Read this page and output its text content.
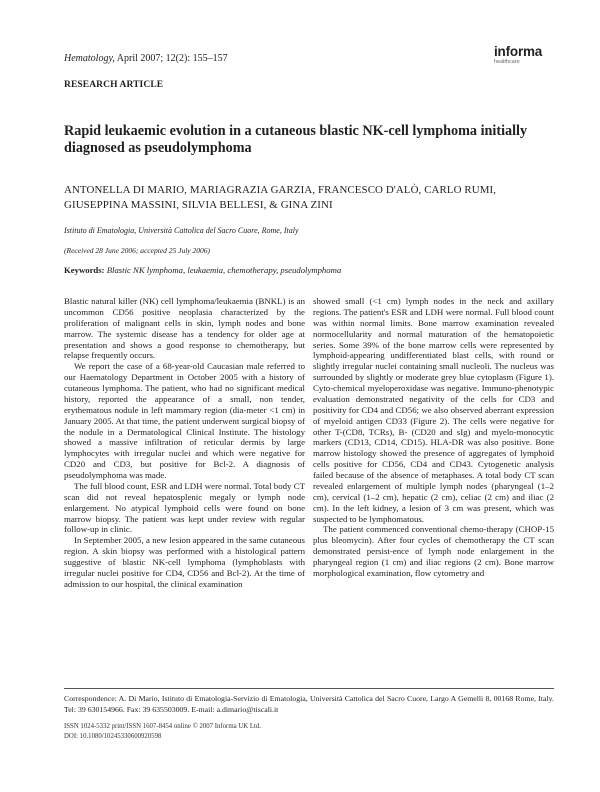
Hematology, April 2007; 12(2): 155–157	informa
healthcare
RESEARCH ARTICLE
Rapid leukaemic evolution in a cutaneous blastic NK-cell lymphoma initially diagnosed as pseudolymphoma
ANTONELLA DI MARIO, MARIAGRAZIA GARZIA, FRANCESCO D'ALÒ, CARLO RUMI,
GIUSEPPINA MASSINI, SILVIA BELLESI, & GINA ZINI
Istituto di Ematologia, Università Cattolica del Sacro Cuore, Rome, Italy
(Received 28 June 2006; accepted 25 July 2006)
Keywords: Blastic NK lymphoma, leukaemia, chemotherapy, pseudolymphoma

Blastic natural killer (NK) cell lymphoma/leukaemia (BNKL) is an uncommon CD56 positive neoplasia characterized by the proliferation of malignant cells in skin, lymph nodes and bone marrow. The systemic disease has a tendency for older age at presentation and shows a good response to chemotherapy, but relapse frequently occurs.

We report the case of a 68-year-old Caucasian male referred to our Haematology Department in October 2005 with a history of cutaneous lymphoma. The patient, who had no significant medical history, reported the appearance of a small, non tender, erythematous nodule in left mammary region (dia-meter <1 cm) in January 2005. At that time, the patient underwent surgical biopsy of the nodule in a Dermatological Clinical Institute. The histology showed a massive infiltration of reticular dermis by large lymphocytes with irregular nuclei and which were negative for CD20 and CD3, but positive for Bcl-2. A diagnosis of pseudolymphoma was made.

The full blood count, ESR and LDH were normal. Total body CT scan did not reveal hepatosplenic megaly or lymph node enlargement. No atypical lymphoid cells were found on bone marrow biopsy. The patient was kept under review with regular follow-up in clinic.

In September 2005, a new lesion appeared in the same cutaneous region. A skin biopsy was performed with a histological pattern suggestive of blastic NK-cell lymphoma (lymphoblasts with irregular nuclei positive for CD4, CD56 and Bcl-2). At the time of admission to our hospital, the clinical examination

showed small (<1 cm) lymph nodes in the neck and axillary regions. The patient's ESR and LDH were normal. Full blood count was within normal limits. Bone marrow examination revealed normocellularity and normal maturation of the hematopoietic series. Some 39% of the bone marrow cells were represented by lymphoid-appearing undifferentiated blast cells, with round or slightly irregular nuclei containing small nucleoli. The nucleus was surrounded by slightly or moderate grey blue cytoplasm (Figure 1). Cyto-chemical myeloperoxidase was negative. Immuno-phenotypic evaluation demonstrated negativity of the cells for CD3 and positivity for CD4 and CD56; we also observed aberrant expression of myeloid antigen CD33 (Figure 2). The cells were negative for other T-(CD8, TCRs), B- (CD20 and sIg) and myelo-monocytic markers (CD13, CD14, CD15). HLA-DR was also positive. Bone marrow histology showed the presence of aggregates of lymphoid cells positive for CD56, CD4 and CD43. Cytogenetic analysis failed because of the absence of metaphases. A total body CT scan revealed enlargement of multiple lymph nodes (pharyngeal (1–2 cm), cervical (1–2 cm), hepatic (2 cm), celiac (2 cm) and iliac (2 cm). In the left kidney, a lesion of 3 cm was present, which was suspected to be lymphomatous.

The patient commenced conventional chemo-therapy (CHOP-15 plus bleomycin). After four cycles of chemotherapy the CT scan demonstrated persist-ence of lymph node enlargement in the pharyngeal region (1 cm) and iliac regions (2 cm). Bone marrow morphological examination, flow cytometry and

Correspondence: A. Di Mario, Istituto di Ematologia-Servizio di Ematologia, Università Cattolica del Sacro Cuore, Largo A Gemelli 8, 00168 Rome, Italy. Tel: 39 630154966. Fax: 39 635503009. E-mail: a.dimario@tiscali.it
ISSN 1024-5332 print/ISSN 1607-8454 online © 2007 Informa UK Ltd.
DOI: 10.1080/10245330600920598
